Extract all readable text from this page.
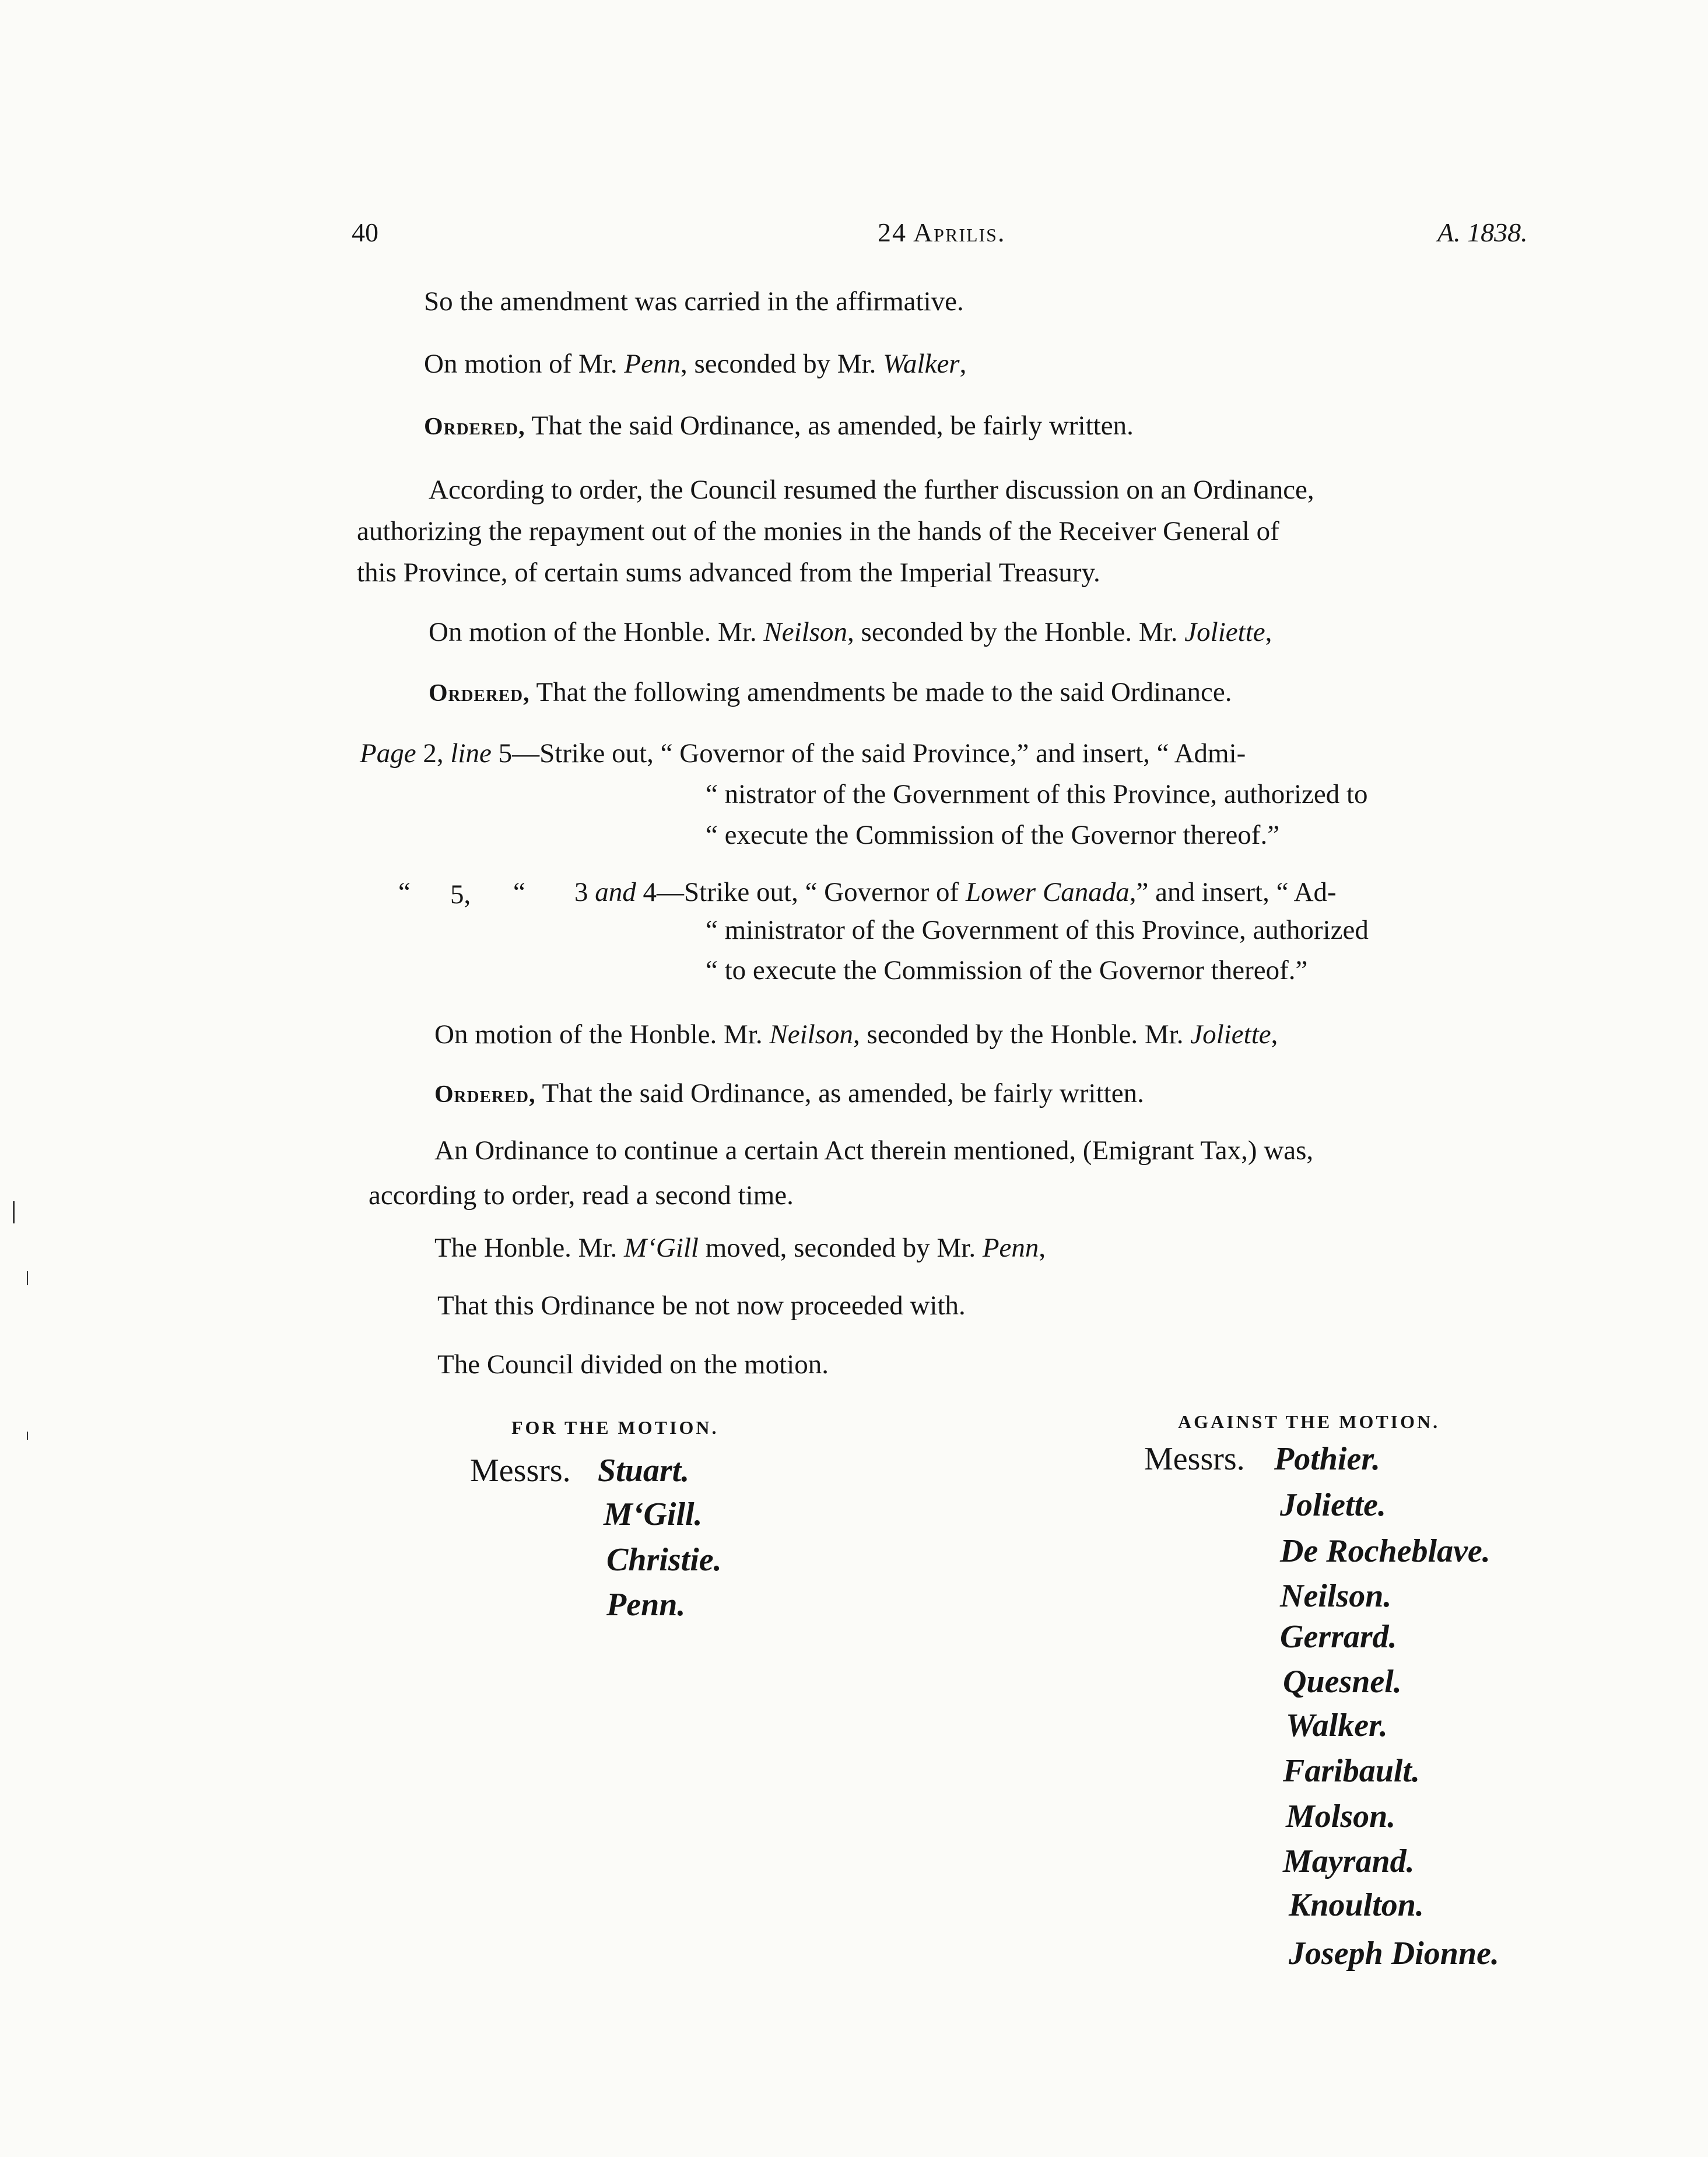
40	24 Aprilis.	A. 1838.
So the amendment was carried in the affirmative.
On motion of Mr. Penn, seconded by Mr. Walker,
Ordered, That the said Ordinance, as amended, be fairly written.
According to order, the Council resumed the further discussion on an Ordinance,
authorizing the repayment out of the monies in the hands of the Receiver General of
this Province, of certain sums advanced from the Imperial Treasury.
On motion of the Honble. Mr. Neilson, seconded by the Honble. Mr. Joliette,
Ordered, That the following amendments be made to the said Ordinance.
Page 2, line 5—Strike out, “ Governor of the said Province,” and insert, “ Admi-
“ nistrator of the Government of this Province, authorized to
“ execute the Commission of the Governor thereof.”
“ 5, “ 3 and 4—Strike out, “ Governor of Lower Canada,” and insert, “ Ad-
“ ministrator of the Government of this Province, authorized
“ to execute the Commission of the Governor thereof.”
On motion of the Honble. Mr. Neilson, seconded by the Honble. Mr. Joliette,
Ordered, That the said Ordinance, as amended, be fairly written.
An Ordinance to continue a certain Act therein mentioned, (Emigrant Tax,) was,
according to order, read a second time.
The Honble. Mr. M‘Gill moved, seconded by Mr. Penn,
That this Ordinance be not now proceeded with.
The Council divided on the motion.
FOR THE MOTION.
Messrs. Stuart.
M‘Gill.
Christie.
Penn.
AGAINST THE MOTION.
Messrs. Pothier.
Joliette.
De Rocheblave.
Neilson.
Gerrard.
Quesnel.
Walker.
Faribault.
Molson.
Mayrand.
Knoulton.
Joseph Dionne.
